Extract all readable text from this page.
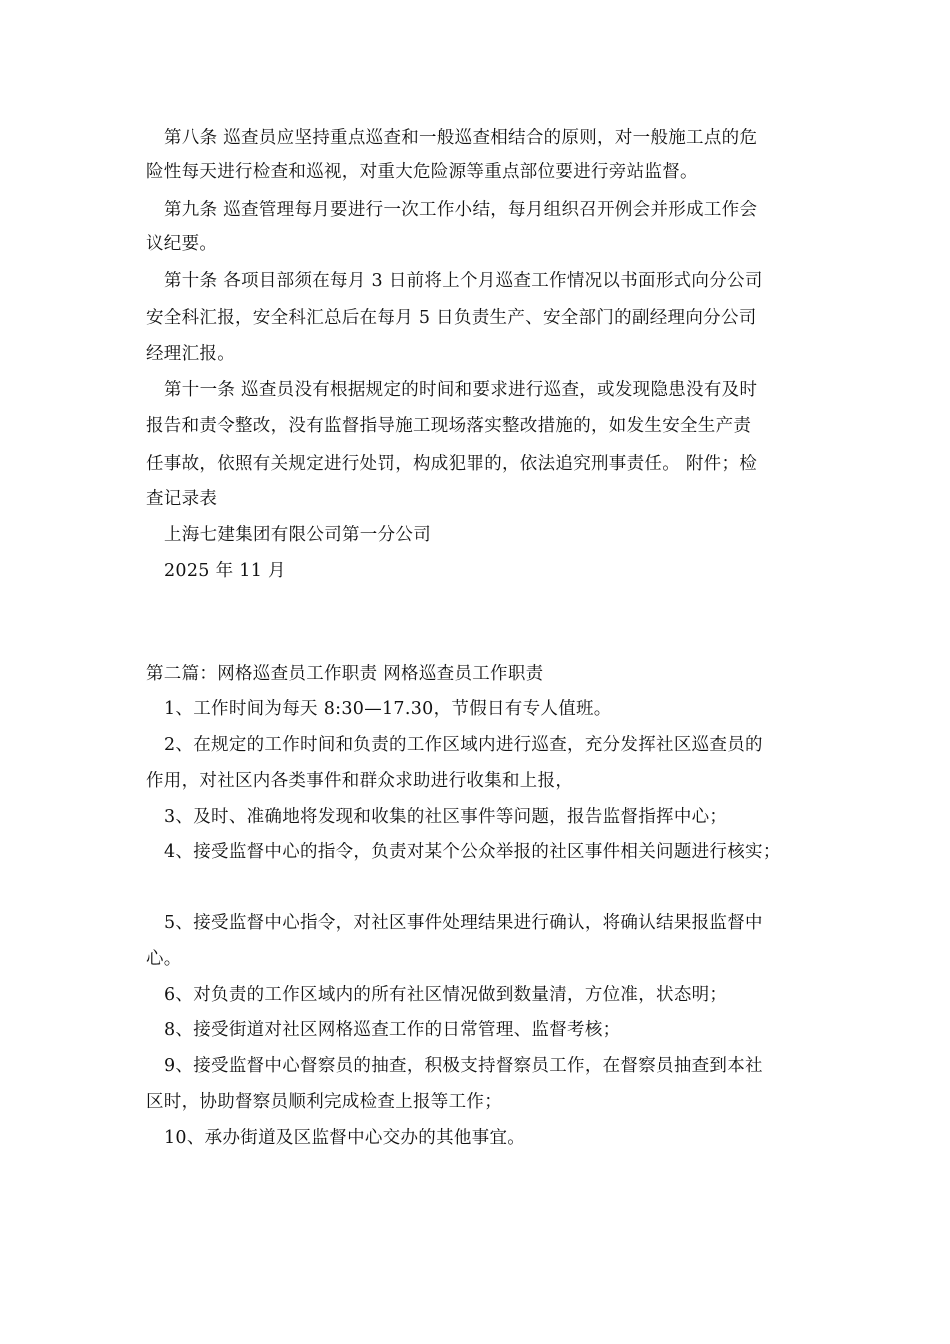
第八条 巡查员应坚持重点巡查和一般巡查相结合的原则，对一般施工点的危
险性每天进行检查和巡视，对重大危险源等重点部位要进行旁站监督。
第九条 巡查管理每月要进行一次工作小结，每月组织召开例会并形成工作会
议纪要。
第十条 各项目部须在每月 3 日前将上个月巡查工作情况以书面形式向分公司
安全科汇报，安全科汇总后在每月 5 日负责生产、安全部门的副经理向分公司
经理汇报。
第十一条 巡查员没有根据规定的时间和要求进行巡查，或发现隐患没有及时
报告和责令整改，没有监督指导施工现场落实整改措施的，如发生安全生产责
任事故，依照有关规定进行处罚，构成犯罪的，依法追究刑事责任。 附件；检
查记录表
上海七建集团有限公司第一分公司
2025 年 11 月
第二篇：网格巡查员工作职责 网格巡查员工作职责
1、工作时间为每天 8:30—17.30，节假日有专人值班。
2、在规定的工作时间和负责的工作区域内进行巡查，充分发挥社区巡查员的
作用，对社区内各类事件和群众求助进行收集和上报，
3、及时、准确地将发现和收集的社区事件等问题，报告监督指挥中心；
4、接受监督中心的指令，负责对某个公众举报的社区事件相关问题进行核实；
5、接受监督中心指令，对社区事件处理结果进行确认，将确认结果报监督中
心。
6、对负责的工作区域内的所有社区情况做到数量清，方位准，状态明；
8、接受街道对社区网格巡查工作的日常管理、监督考核；
9、接受监督中心督察员的抽查，积极支持督察员工作，在督察员抽查到本社
区时，协助督察员顺利完成检查上报等工作；
10、承办街道及区监督中心交办的其他事宜。
